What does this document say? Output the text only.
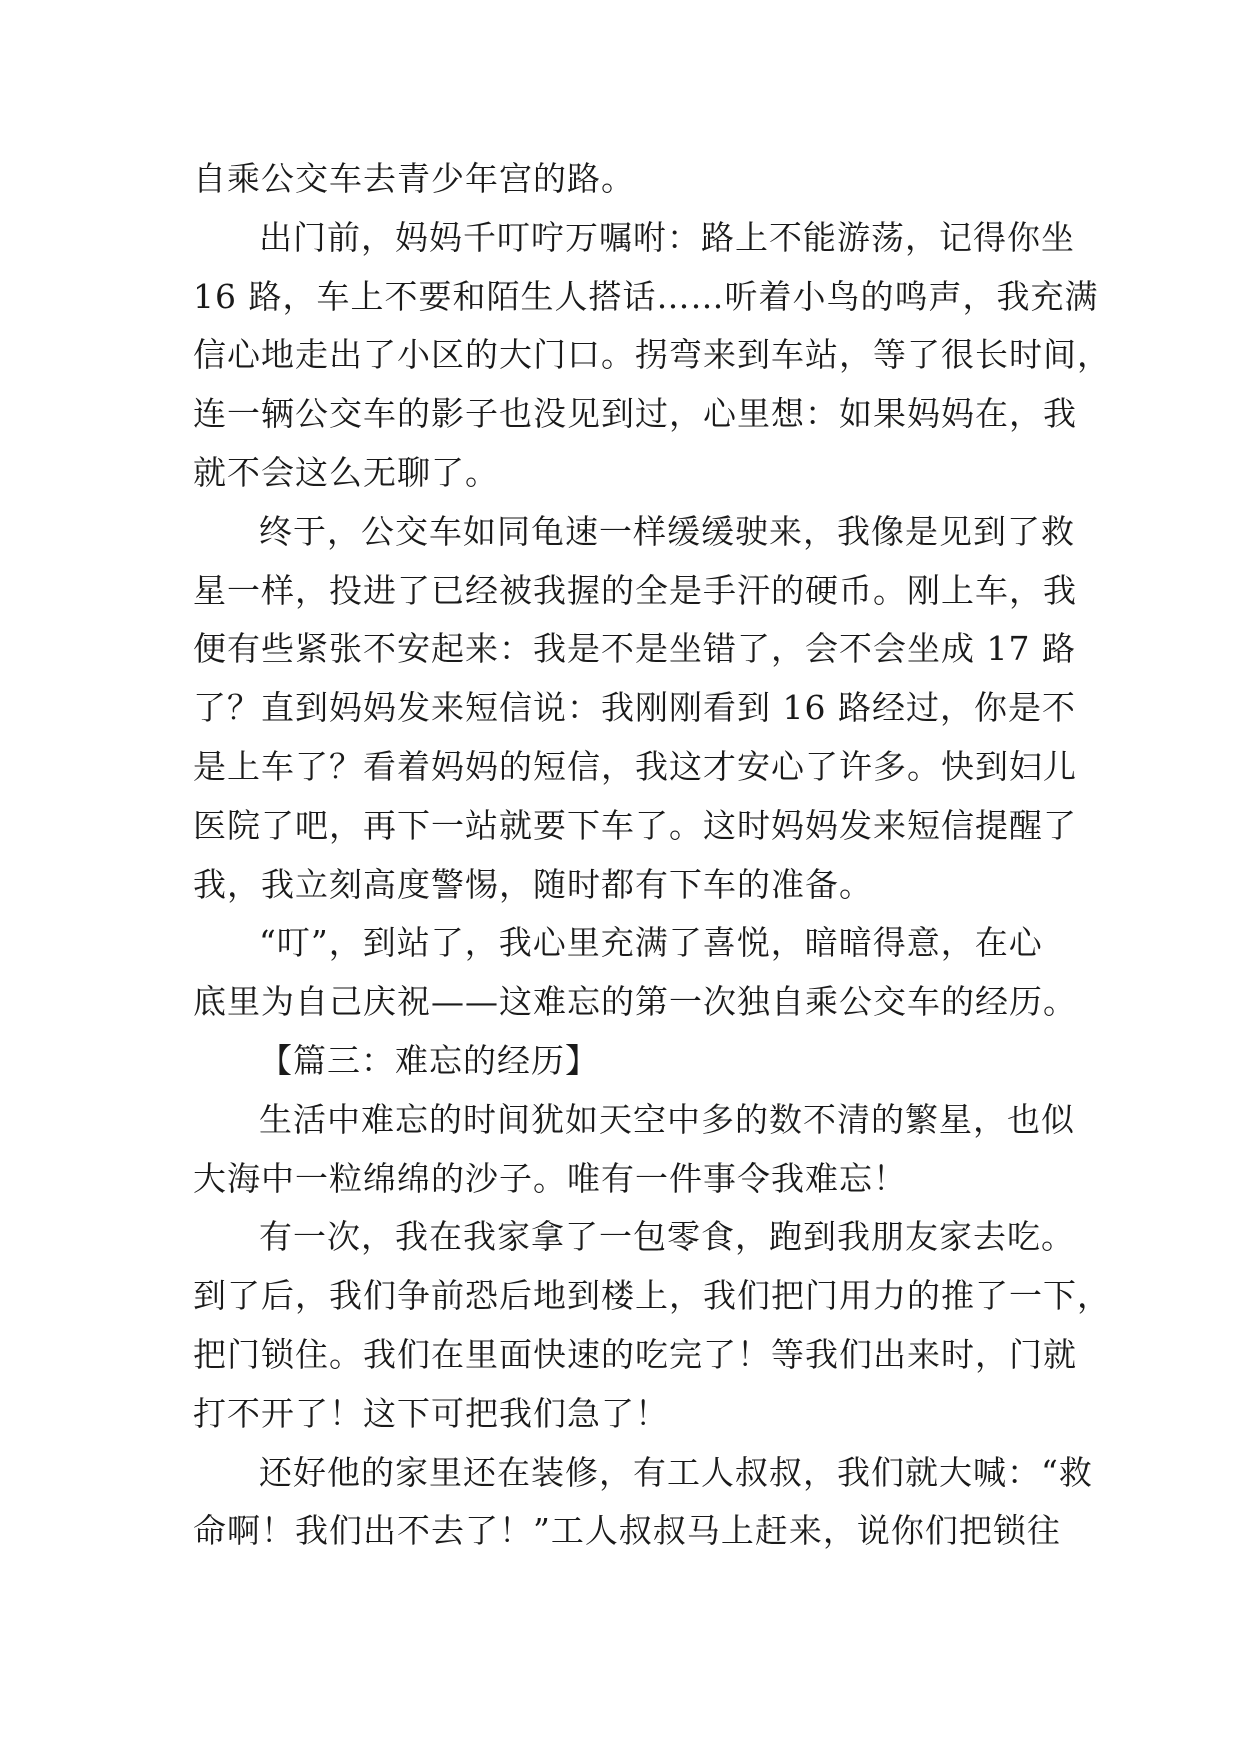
自乘公交车去青少年宫的路。
出门前，妈妈千叮咛万嘱咐：路上不能游荡，记得你坐
16 路，车上不要和陌生人搭话……听着小鸟的鸣声，我充满
信心地走出了小区的大门口。拐弯来到车站，等了很长时间，
连一辆公交车的影子也没见到过，心里想：如果妈妈在，我
就不会这么无聊了。
终于，公交车如同龟速一样缓缓驶来，我像是见到了救
星一样，投进了已经被我握的全是手汗的硬币。刚上车，我
便有些紧张不安起来：我是不是坐错了，会不会坐成 17 路
了？直到妈妈发来短信说：我刚刚看到 16 路经过，你是不
是上车了？看着妈妈的短信，我这才安心了许多。快到妇儿
医院了吧，再下一站就要下车了。这时妈妈发来短信提醒了
我，我立刻高度警惕，随时都有下车的准备。
“叮”，到站了，我心里充满了喜悦，暗暗得意，在心
底里为自己庆祝——这难忘的第一次独自乘公交车的经历。
【篇三：难忘的经历】
生活中难忘的时间犹如天空中多的数不清的繁星，也似
大海中一粒绵绵的沙子。唯有一件事令我难忘！
有一次，我在我家拿了一包零食，跑到我朋友家去吃。
到了后，我们争前恐后地到楼上，我们把门用力的推了一下，
把门锁住。我们在里面快速的吃完了！等我们出来时，门就
打不开了！这下可把我们急了！
还好他的家里还在装修，有工人叔叔，我们就大喊：“救
命啊！我们出不去了！”工人叔叔马上赶来，说你们把锁往
